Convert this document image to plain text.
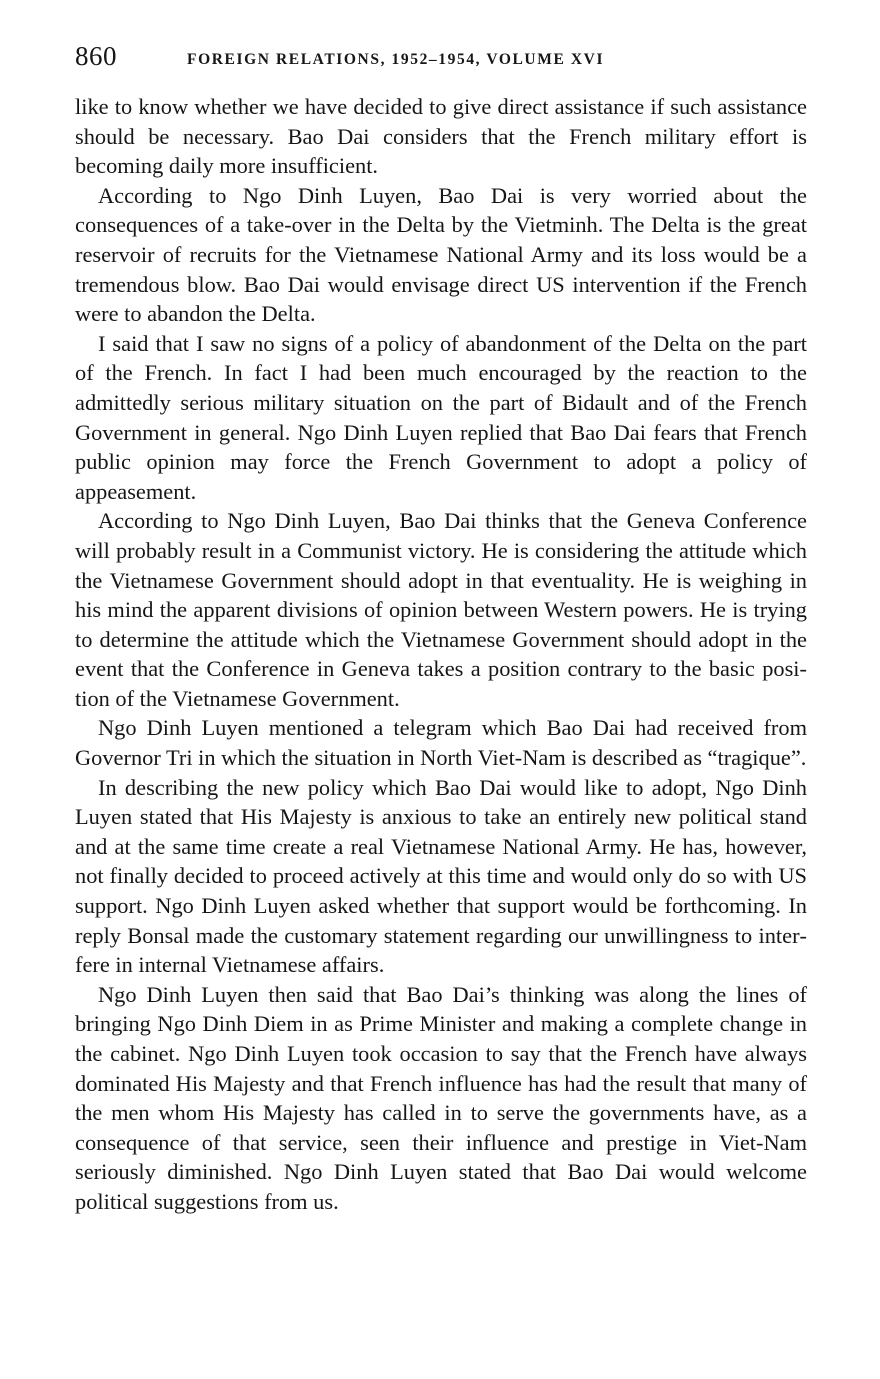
860	FOREIGN RELATIONS, 1952–1954, VOLUME XVI

like to know whether we have decided to give direct assistance if such assistance should be necessary. Bao Dai considers that the French military effort is becoming daily more insufficient.

According to Ngo Dinh Luyen, Bao Dai is very worried about the consequences of a take-over in the Delta by the Vietminh. The Delta is the great reservoir of recruits for the Vietnamese National Army and its loss would be a tremendous blow. Bao Dai would envisage direct US intervention if the French were to abandon the Delta.

I said that I saw no signs of a policy of abandonment of the Delta on the part of the French. In fact I had been much encouraged by the reaction to the admittedly serious military situation on the part of Bidault and of the French Government in general. Ngo Dinh Luyen replied that Bao Dai fears that French public opinion may force the French Government to adopt a policy of appeasement.

According to Ngo Dinh Luyen, Bao Dai thinks that the Geneva Conference will probably result in a Communist victory. He is considering the attitude which the Vietnamese Government should adopt in that eventuality. He is weighing in his mind the apparent divisions of opinion between Western powers. He is trying to determine the attitude which the Vietnamese Government should adopt in the event that the Conference in Geneva takes a position contrary to the basic position of the Vietnamese Government.

Ngo Dinh Luyen mentioned a telegram which Bao Dai had received from Governor Tri in which the situation in North Viet-Nam is described as “tragique”.

In describing the new policy which Bao Dai would like to adopt, Ngo Dinh Luyen stated that His Majesty is anxious to take an entirely new political stand and at the same time create a real Vietnamese National Army. He has, however, not finally decided to proceed actively at this time and would only do so with US support. Ngo Dinh Luyen asked whether that support would be forthcoming. In reply Bonsal made the customary statement regarding our unwillingness to interfere in internal Vietnamese affairs.

Ngo Dinh Luyen then said that Bao Dai’s thinking was along the lines of bringing Ngo Dinh Diem in as Prime Minister and making a complete change in the cabinet. Ngo Dinh Luyen took occasion to say that the French have always dominated His Majesty and that French influence has had the result that many of the men whom His Majesty has called in to serve the governments have, as a consequence of that service, seen their influence and prestige in Viet-Nam seriously diminished. Ngo Dinh Luyen stated that Bao Dai would welcome political suggestions from us.
